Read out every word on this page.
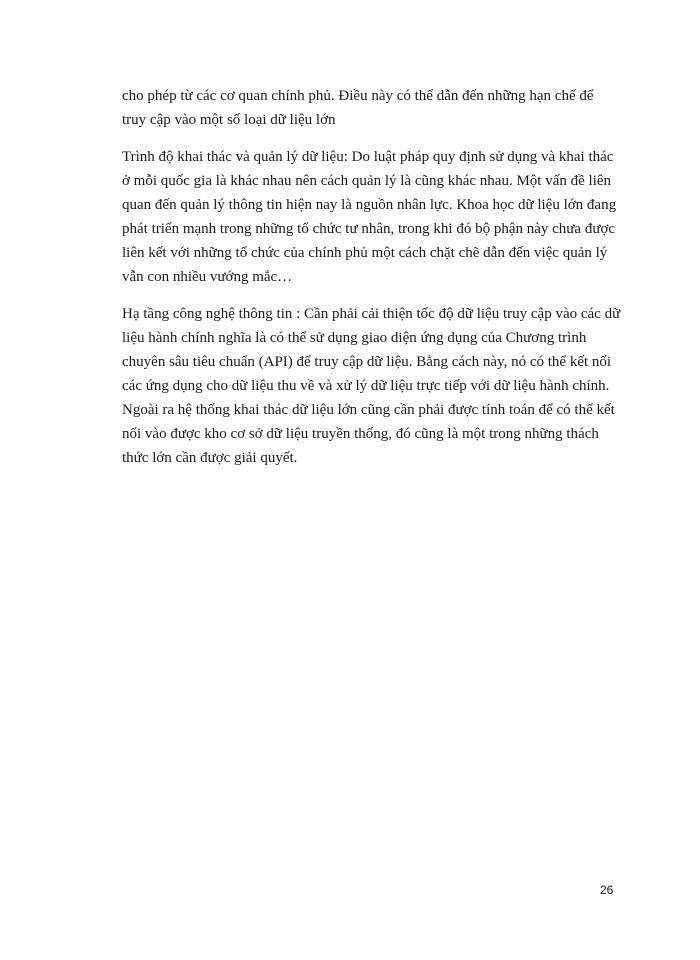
cho phép từ các cơ quan chính phủ. Điều này có thể dẫn đến những hạn chế để
truy cập vào một số loại dữ liệu lớn

Trình độ khai thác và quản lý dữ liệu: Do luật pháp quy định sử dụng và khai thác
ở mỗi quốc gia là khác nhau nên cách quản lý là cũng khác nhau. Một vấn đề liên
quan đến quản lý thông tin hiện nay là nguồn nhân lực. Khoa học dữ liệu lớn đang
phát triển mạnh trong những tổ chức tư nhân, trong khi đó bộ phận này chưa được
liên kết với những tổ chức của chính phủ một cách chặt chẽ dẫn đến việc quản lý
vẫn con nhiều vướng mắc…

Hạ tầng công nghệ thông tin : Cần phải cải thiện tốc độ dữ liệu truy cập vào các dữ
liệu hành chính nghĩa là có thể sử dụng giao diện ứng dụng của Chương trình
chuyên sâu tiêu chuẩn (API) để truy cập dữ liệu. Bằng cách này, nó có thể kết nối
các ứng dụng cho dữ liệu thu về và xử lý dữ liệu trực tiếp với dữ liệu hành chính.
Ngoài ra hệ thống khai thác dữ liệu lớn cũng cần phải được tính toán để có thể kết
nối vào được kho cơ sở dữ liệu truyền thống, đó cũng là một trong những thách
thức lớn cần được giải quyết.

26
